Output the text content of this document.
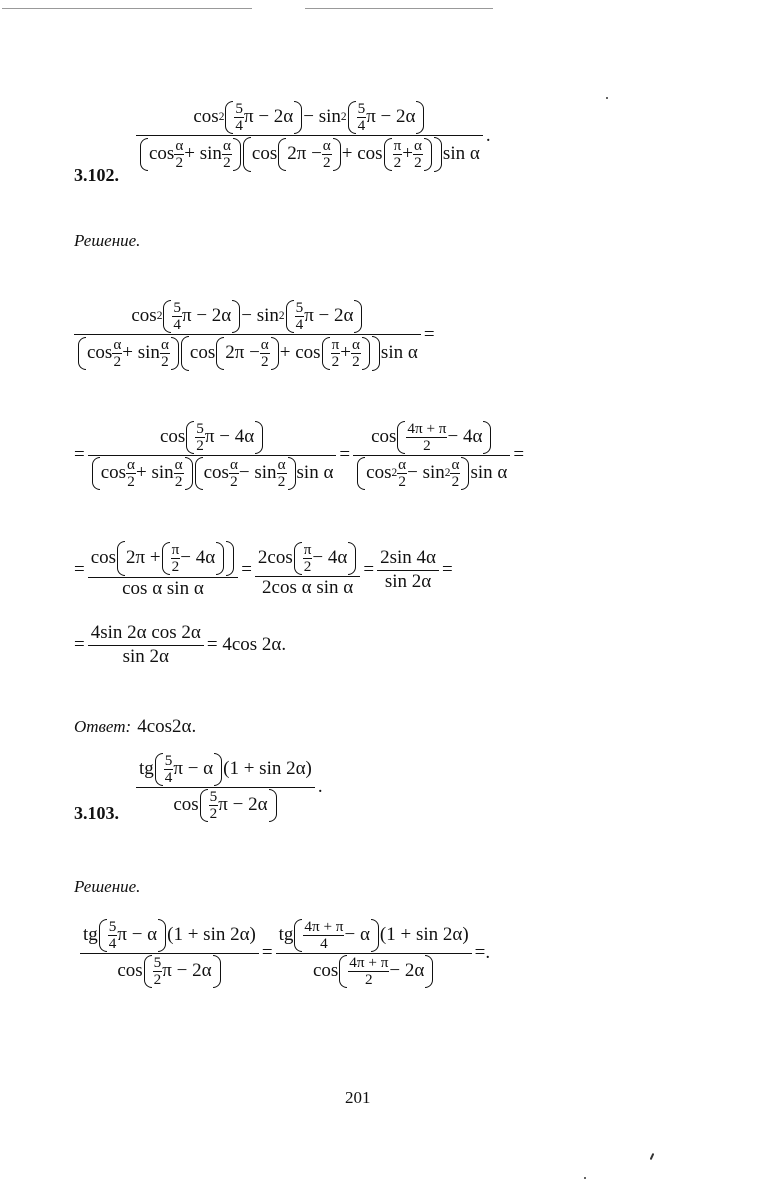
3.102.
$\frac{\cos 2 \frac{5}{4} \pi - 2\alpha - \sin 2 \frac{5}{4} \pi - 2\alpha}{\cos \frac{\alpha}{2} + \sin \frac{\alpha}{2} \cos 2\pi - \frac{\alpha}{2} + \cos \frac{\pi}{2} + \frac{\alpha}{2} \sin \alpha}$ .
Решение.
$\frac{\cos 2 \frac{5}{4} \pi - 2\alpha - \sin 2 \frac{5}{4} \pi - 2\alpha}{\cos \frac{\alpha}{2} + \sin \frac{\alpha}{2} \cos 2\pi - \frac{\alpha}{2} + \cos \frac{\pi}{2} + \frac{\alpha}{2} \sin \alpha}$ =
= $\frac{\cos \frac{5}{2} \pi - 4\alpha}{\cos \frac{\alpha}{2} + \sin \frac{\alpha}{2} \cos \frac{\alpha}{2} - \sin \frac{\alpha}{2} \sin \alpha} = \frac{\cos \frac{4\pi + \pi}{2} - 4\alpha}{\cos 2 \frac{\alpha}{2} - \sin 2 \frac{\alpha}{2} \sin \alpha}$ =
= $\frac{\cos 2\pi + \frac{\pi}{2} - 4\alpha}{\text{cos α sin α}} = \frac{2\cos \frac{\pi}{2} - 4\alpha}{\text{2cos α sin α}} = \frac{2\sin 4\alpha}{\sin 2\alpha}$ =
= $\frac{\text{4sin 2α cos 2α}}{\sin 2\alpha} = 4\cos$ 2α.
Ответ: 4cos2α.
3.103. $\frac{tg \frac{5}{4} \pi - \alpha (1 + \sin 2\alpha)}{\cos \frac{5}{2} \pi - 2\alpha}$ .
Решение.
$\frac{tg \frac{5}{4} \pi - \alpha (1 + \sin 2\alpha)}{\cos \frac{5}{2} \pi - 2\alpha} = \frac{tg \frac{4\pi + \pi}{4} - \alpha (1 + \sin 2\alpha)}{\cos \frac{4\pi + \pi}{2} - 2\alpha}$ =.
201
